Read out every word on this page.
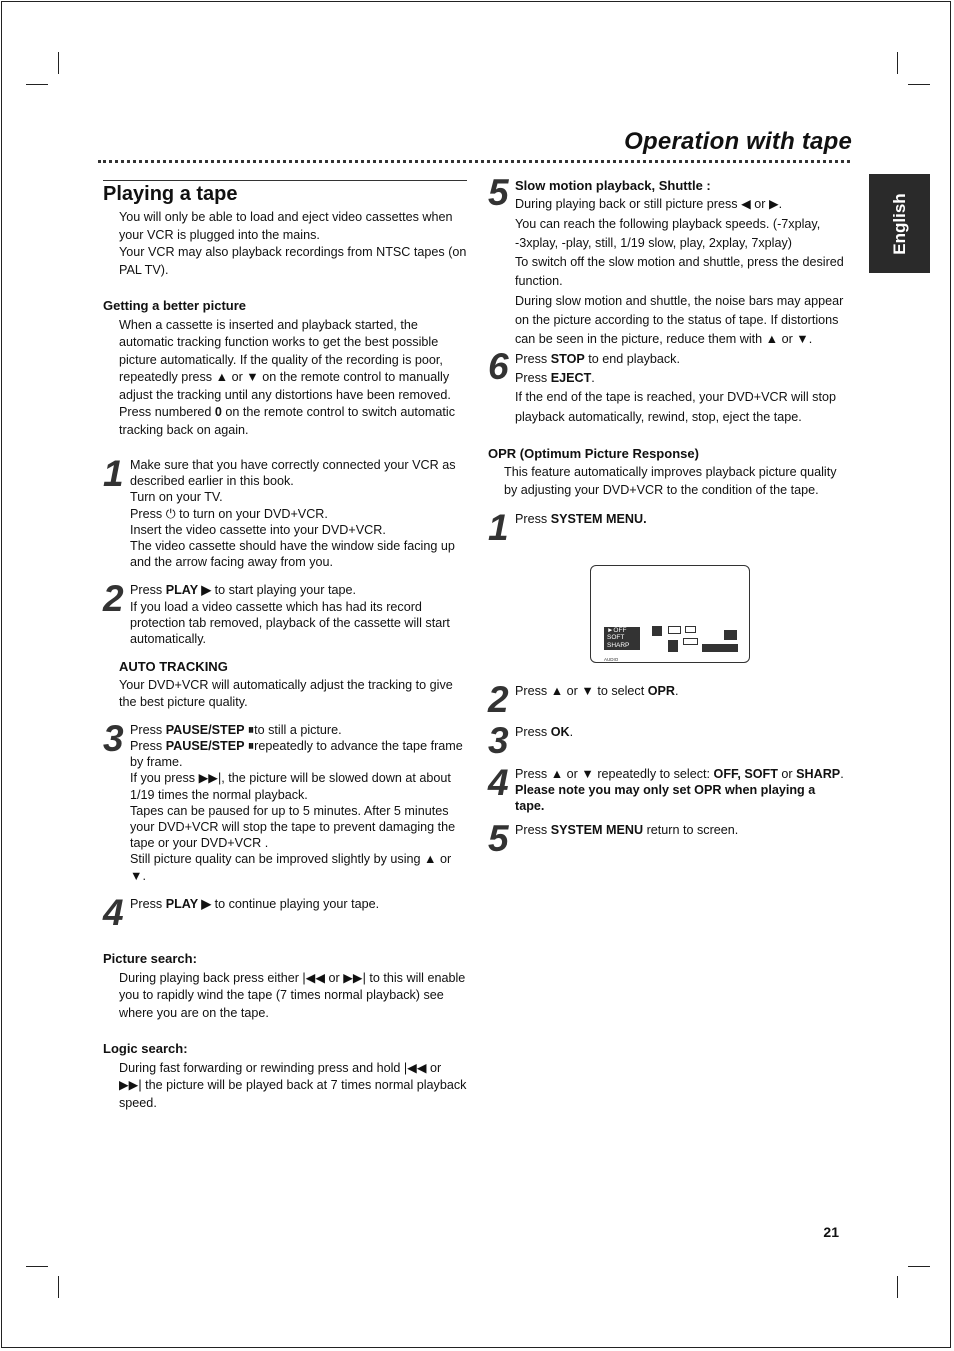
Operation with tape
English
Playing a tape

You will only be able to load and eject video cassettes when your VCR is plugged into the mains.

Your VCR may also playback recordings from NTSC tapes (on PAL TV).

Getting a better picture

When a cassette is inserted and playback started, the automatic tracking function works to get the best possible picture automatically. If the quality of the recording is poor, repeatedly press ▲ or ▼ on the remote control to manually adjust the tracking until any distortions have been removed.

Press numbered 0 on the remote control to switch automatic tracking back on again.

1 Make sure that you have correctly connected your VCR as described earlier in this book.

Turn on your TV.

Press ⏻ to turn on your DVD+VCR.

Insert the video cassette into your DVD+VCR.

The video cassette should have the window side facing up and the arrow facing away from you.

2 Press PLAY ▶ to start playing your tape.

If you load a video cassette which has had its record protection tab removed, playback of the cassette will start automatically.

AUTO TRACKING

Your DVD+VCR will automatically adjust the tracking to give the best picture quality.

3 Press PAUSE/STEP ⏸to still a picture.

Press PAUSE/STEP ⏸repeatedly to advance the tape frame by frame.

If you press ▶▶|, the picture will be slowed down at about 1/19 times the normal playback.

Tapes can be paused for up to 5 minutes. After 5 minutes your DVD+VCR will stop the tape to prevent damaging the tape or your DVD+VCR .

Still picture quality can be improved slightly by using ▲ or ▼.

4 Press PLAY ▶ to continue playing your tape.

Picture search:

During playing back press either |◀◀ or ▶▶| to this will enable you to rapidly wind the tape (7 times normal playback) see where you are on the tape.

Logic search:

During fast forwarding or rewinding press and hold |◀◀ or ▶▶| the picture will be played back at 7 times normal playback speed.

5 Slow motion playback, Shuttle :

During playing back or still picture press ◀ or ▶.

You can reach the following playback speeds. (-7xplay, -3xplay, -play, still, 1/19 slow, play, 2xplay, 7xplay)

To switch off the slow motion and shuttle, press the desired function.

During slow motion and shuttle, the noise bars may appear on the picture according to the status of tape. If distortions can be seen in the picture, reduce them with ▲ or ▼.

6 Press STOP to end playback.

Press EJECT.

If the end of the tape is reached, your DVD+VCR will stop playback automatically, rewind, stop, eject the tape.

OPR (Optimum Picture Response)

This feature automatically improves playback picture quality by adjusting your DVD+VCR to the condition of the tape.

1 Press SYSTEM MENU.

►OFF
SOFT
SHARP
AUDIO
2 Press ▲ or ▼ to select OPR.

3 Press OK.

4 Press ▲ or ▼ repeatedly to select: OFF, SOFT or SHARP.

Please note you may only set OPR when playing a tape.

5 Press SYSTEM MENU return to screen.

21
